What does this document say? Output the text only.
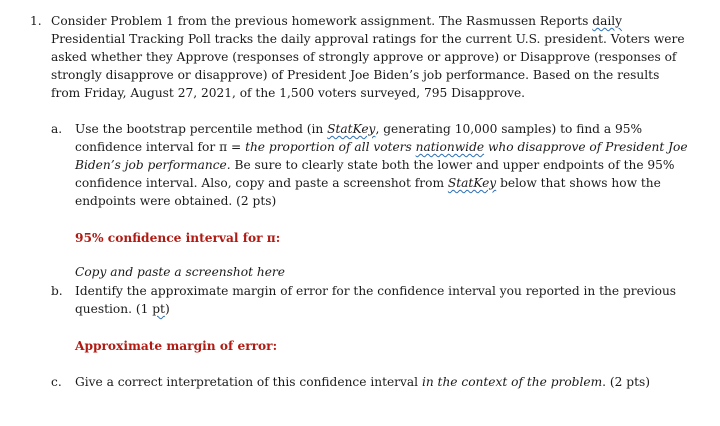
1. Consider Problem 1 from the previous homework assignment. The Rasmussen Reports daily Presidential Tracking Poll tracks the daily approval ratings for the current U.S. president. Voters were asked whether they Approve (responses of strongly approve or approve) or Disapprove (responses of strongly disapprove or disapprove) of President Joe Biden’s job performance. Based on the results from Friday, August 27, 2021, of the 1,500 voters surveyed, 795 Disapprove.
a. Use the bootstrap percentile method (in StatKey, generating 10,000 samples) to find a 95% confidence interval for π = the proportion of all voters nationwide who disapprove of President Joe Biden’s job performance. Be sure to clearly state both the lower and upper endpoints of the 95% confidence interval. Also, copy and paste a screenshot from StatKey below that shows how the endpoints were obtained. (2 pts)
95% confidence interval for π:
Copy and paste a screenshot here
b. Identify the approximate margin of error for the confidence interval you reported in the previous question. (1 pt)
Approximate margin of error:
c. Give a correct interpretation of this confidence interval in the context of the problem. (2 pts)
